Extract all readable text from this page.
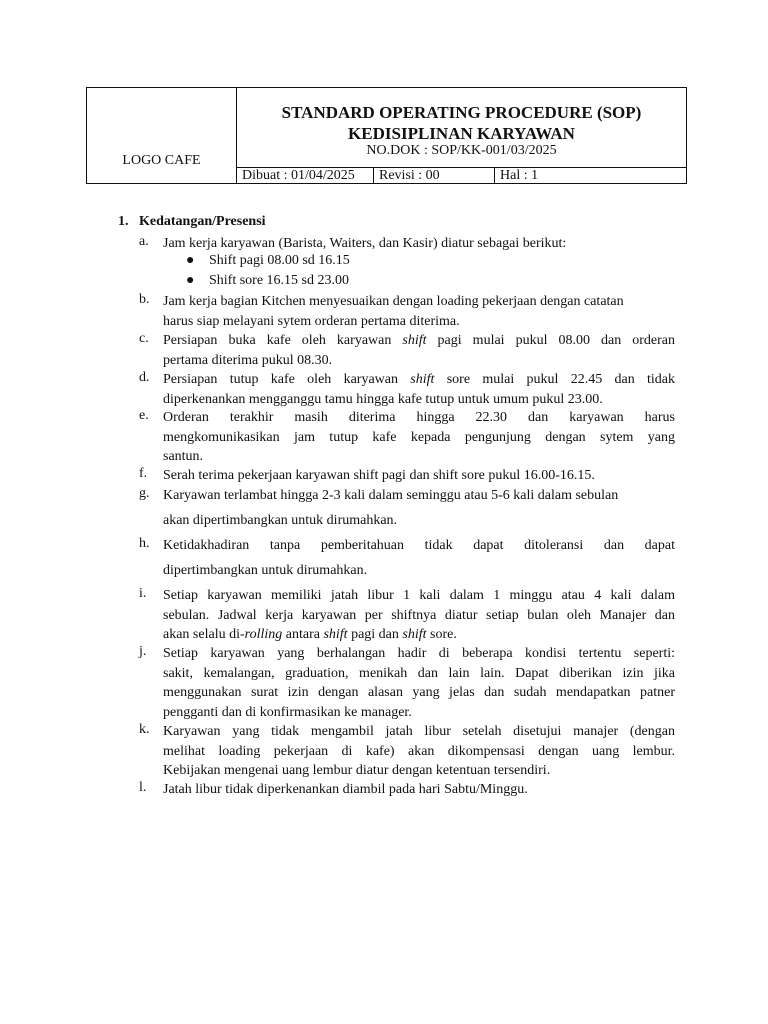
LOGO CAFE
STANDARD OPERATING PROCEDURE (SOP)
KEDISIPLINAN KARYAWAN
NO.DOK : SOP/KK-001/03/2025
Dibuat : 01/04/2025	Revisi : 00	Hal : 1
1. Kedatangan/Presensi
a.	Jam kerja karyawan (Barista, Waiters, dan Kasir) diatur sebagai berikut:
● Shift pagi 08.00 sd 16.15
● Shift sore 16.15 sd 23.00
b. Jam kerja bagian Kitchen menyesuaikan dengan loading pekerjaan dengan catatan
harus siap melayani sytem orderan pertama diterima.
c.	Persiapan buka kafe oleh karyawan shift pagi mulai pukul 08.00 dan orderan
pertama diterima pukul 08.30.
d. Persiapan tutup kafe oleh karyawan shift sore mulai pukul 22.45 dan tidak
diperkenankan mengganggu tamu hingga kafe tutup untuk umum pukul 23.00.
e.	Orderan terakhir masih diterima hingga 22.30 dan karyawan harus
mengkomunikasikan jam tutup kafe kepada pengunjung dengan sytem yang
santun.
f.	Serah terima pekerjaan karyawan shift pagi dan shift sore pukul 16.00-16.15.
g. Karyawan terlambat hingga 2-3 kali dalam seminggu atau 5-6 kali dalam sebulan
akan dipertimbangkan untuk dirumahkan.
h. Ketidakhadiran tanpa pemberitahuan tidak dapat ditoleransi dan dapat
dipertimbangkan untuk dirumahkan.
i.	Setiap karyawan memiliki jatah libur 1 kali dalam 1 minggu atau 4 kali dalam
sebulan. Jadwal kerja karyawan per shiftnya diatur setiap bulan oleh Manajer dan
akan selalu di-rolling antara shift pagi dan shift sore.
j.	Setiap karyawan yang berhalangan hadir di beberapa kondisi tertentu seperti:
sakit, kemalangan, graduation, menikah dan lain lain. Dapat diberikan izin jika
menggunakan surat izin dengan alasan yang jelas dan sudah mendapatkan patner
pengganti dan di konfirmasikan ke manager.
k. Karyawan yang tidak mengambil jatah libur setelah disetujui manajer (dengan
melihat loading pekerjaan di kafe) akan dikompensasi dengan uang lembur.
Kebijakan mengenai uang lembur diatur dengan ketentuan tersendiri.
l.	Jatah libur tidak diperkenankan diambil pada hari Sabtu/Minggu.
